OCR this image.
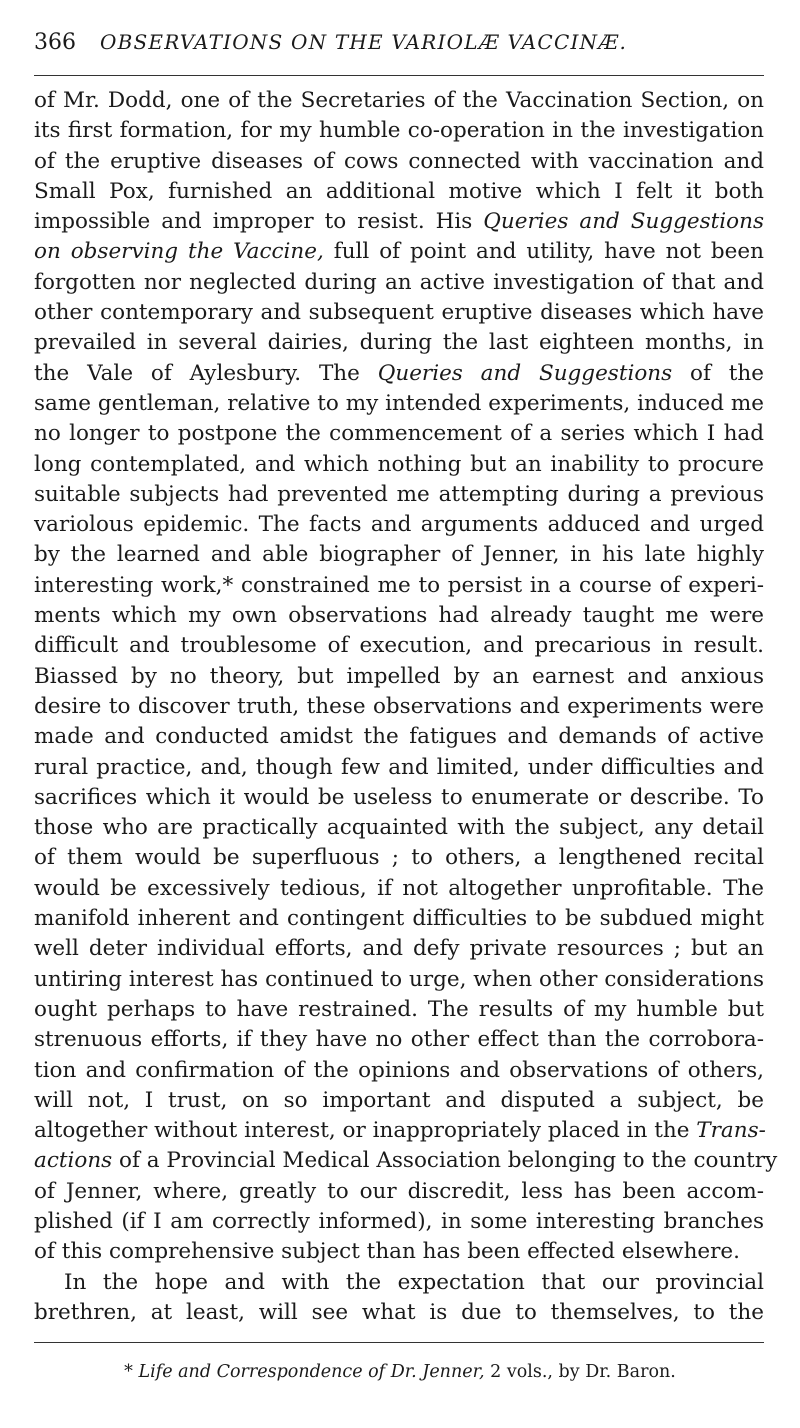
366 OBSERVATIONS ON THE VARIOLÆ VACCINÆ.
of Mr. Dodd, one of the Secretaries of the Vaccination Section, on
its first formation, for my humble co-operation in the investigation
of the eruptive diseases of cows connected with vaccination and
Small Pox, furnished an additional motive which I felt it both
impossible and improper to resist. His Queries and Suggestions
on observing the Vaccine, full of point and utility, have not been
forgotten nor neglected during an active investigation of that and
other contemporary and subsequent eruptive diseases which have
prevailed in several dairies, during the last eighteen months, in
the Vale of Aylesbury. The Queries and Suggestions of the
same gentleman, relative to my intended experiments, induced me
no longer to postpone the commencement of a series which I had
long contemplated, and which nothing but an inability to procure
suitable subjects had prevented me attempting during a previous
variolous epidemic. The facts and arguments adduced and urged
by the learned and able biographer of Jenner, in his late highly
interesting work,* constrained me to persist in a course of experi-
ments which my own observations had already taught me were
difficult and troublesome of execution, and precarious in result.
Biassed by no theory, but impelled by an earnest and anxious
desire to discover truth, these observations and experiments were
made and conducted amidst the fatigues and demands of active
rural practice, and, though few and limited, under difficulties and
sacrifices which it would be useless to enumerate or describe. To
those who are practically acquainted with the subject, any detail
of them would be superfluous ; to others, a lengthened recital
would be excessively tedious, if not altogether unprofitable. The
manifold inherent and contingent difficulties to be subdued might
well deter individual efforts, and defy private resources ; but an
untiring interest has continued to urge, when other considerations
ought perhaps to have restrained. The results of my humble but
strenuous efforts, if they have no other effect than the corrobora-
tion and confirmation of the opinions and observations of others,
will not, I trust, on so important and disputed a subject, be
altogether without interest, or inappropriately placed in the Trans-
actions of a Provincial Medical Association belonging to the country
of Jenner, where, greatly to our discredit, less has been accom-
plished (if I am correctly informed), in some interesting branches
of this comprehensive subject than has been effected elsewhere.
In the hope and with the expectation that our provincial
brethren, at least, will see what is due to themselves, to the
* Life and Correspondence of Dr. Jenner, 2 vols., by Dr. Baron.
